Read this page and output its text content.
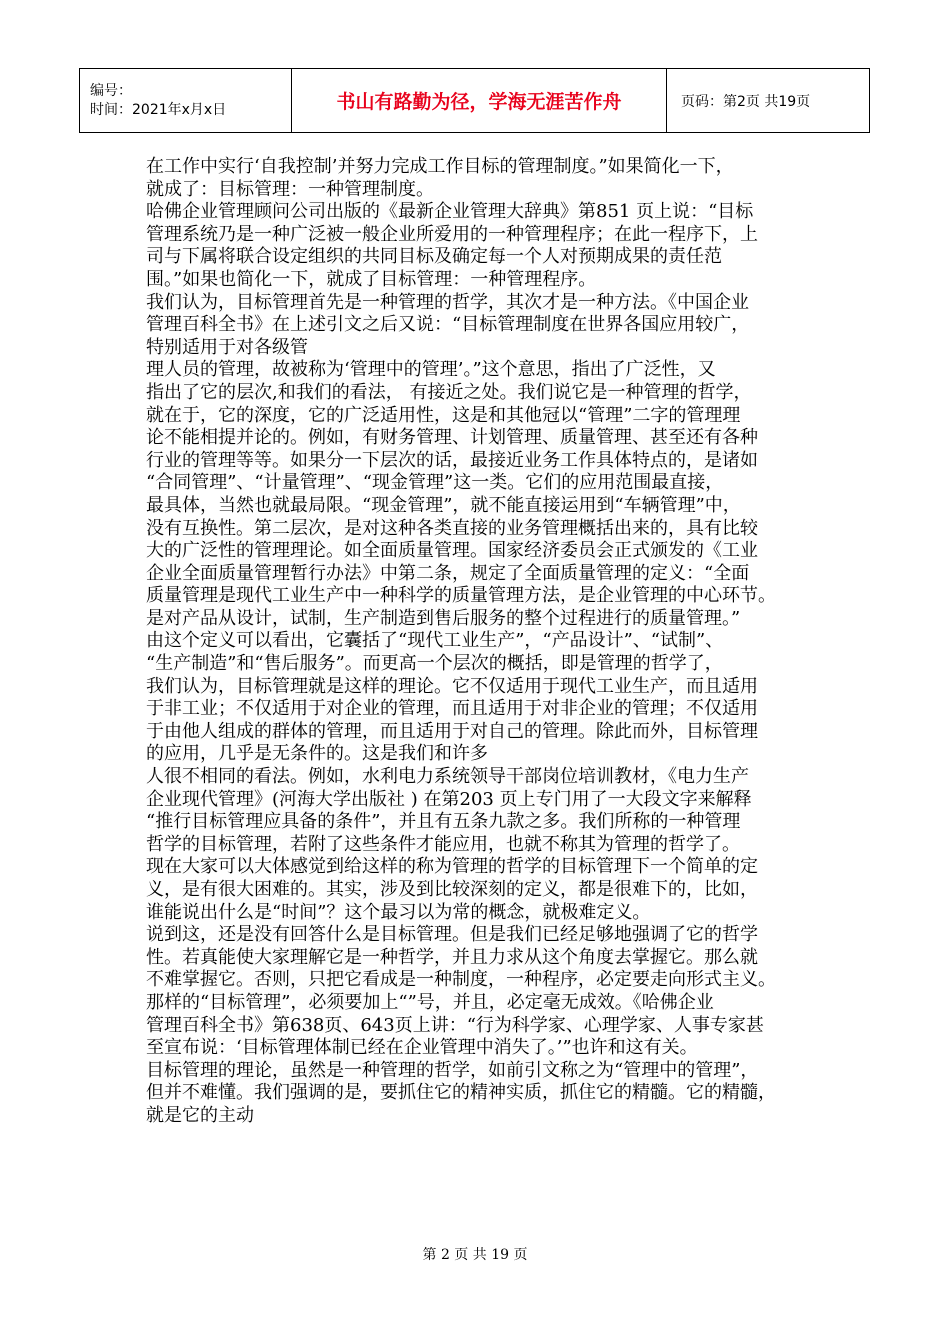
编号：
时间：2021年x月x日	书山有路勤为径，学海无涯苦作舟	页码：第2页 共19页
在工作中实行‘自我控制’并努力完成工作目标的管理制度。”如果简化一下，
就成了：目标管理：一种管理制度。
哈佛企业管理顾问公司出版的《最新企业管理大辞典》第851 页上说：“目标
管理系统乃是一种广泛被一般企业所爱用的一种管理程序；在此一程序下，上
司与下属将联合设定组织的共同目标及确定每一个人对预期成果的责任范
围。”如果也简化一下，就成了目标管理：一种管理程序。
我们认为，目标管理首先是一种管理的哲学，其次才是一种方法。《中国企业
管理百科全书》在上述引文之后又说：“目标管理制度在世界各国应用较广，
特别适用于对各级管
理人员的管理，故被称为‘管理中的管理’。”这个意思，指出了广泛性，又
指出了它的层次,和我们的看法， 有接近之处。我们说它是一种管理的哲学，
就在于，它的深度，它的广泛适用性，这是和其他冠以“管理”二字的管理理
论不能相提并论的。例如，有财务管理、计划管理、质量管理、甚至还有各种
行业的管理等等。如果分一下层次的话，最接近业务工作具体特点的，是诸如
“合同管理”、“计量管理”、“现金管理”这一类。它们的应用范围最直接，
最具体，当然也就最局限。“现金管理”，就不能直接运用到“车辆管理”中，
没有互换性。第二层次，是对这种各类直接的业务管理概括出来的，具有比较
大的广泛性的管理理论。如全面质量管理。国家经济委员会正式颁发的《工业
企业全面质量管理暂行办法》中第二条，规定了全面质量管理的定义：“全面
质量管理是现代工业生产中一种科学的质量管理方法，是企业管理的中心环节。
是对产品从设计，试制，生产制造到售后服务的整个过程进行的质量管理。”
由这个定义可以看出，它囊括了“现代工业生产”，“产品设计”、“试制”、
“生产制造”和“售后服务”。而更高一个层次的概括，即是管理的哲学了，
我们认为，目标管理就是这样的理论。它不仅适用于现代工业生产，而且适用
于非工业；不仅适用于对企业的管理，而且适用于对非企业的管理；不仅适用
于由他人组成的群体的管理，而且适用于对自己的管理。除此而外，目标管理
的应用，几乎是无条件的。这是我们和许多
人很不相同的看法。例如，水利电力系统领导干部岗位培训教材，《电力生产
企业现代管理》(河海大学出版社 ) 在第203 页上专门用了一大段文字来解释
“推行目标管理应具备的条件”，并且有五条九款之多。我们所称的一种管理
哲学的目标管理，若附了这些条件才能应用，也就不称其为管理的哲学了。
现在大家可以大体感觉到给这样的称为管理的哲学的目标管理下一个简单的定
义，是有很大困难的。其实，涉及到比较深刻的定义，都是很难下的，比如，
谁能说出什么是“时间”？这个最习以为常的概念，就极难定义。
说到这，还是没有回答什么是目标管理。但是我们已经足够地强调了它的哲学
性。若真能使大家理解它是一种哲学，并且力求从这个角度去掌握它。那么就
不难掌握它。否则，只把它看成是一种制度，一种程序，必定要走向形式主义。
那样的“目标管理”，必须要加上“”号，并且，必定毫无成效。《哈佛企业
管理百科全书》第638页、643页上讲：“行为科学家、心理学家、人事专家甚
至宣布说：‘目标管理体制已经在企业管理中消失了。’”也许和这有关。
目标管理的理论，虽然是一种管理的哲学，如前引文称之为“管理中的管理”，
但并不难懂。我们强调的是，要抓住它的精神实质，抓住它的精髓。它的精髓，
就是它的主动
第 2 页 共 19 页
